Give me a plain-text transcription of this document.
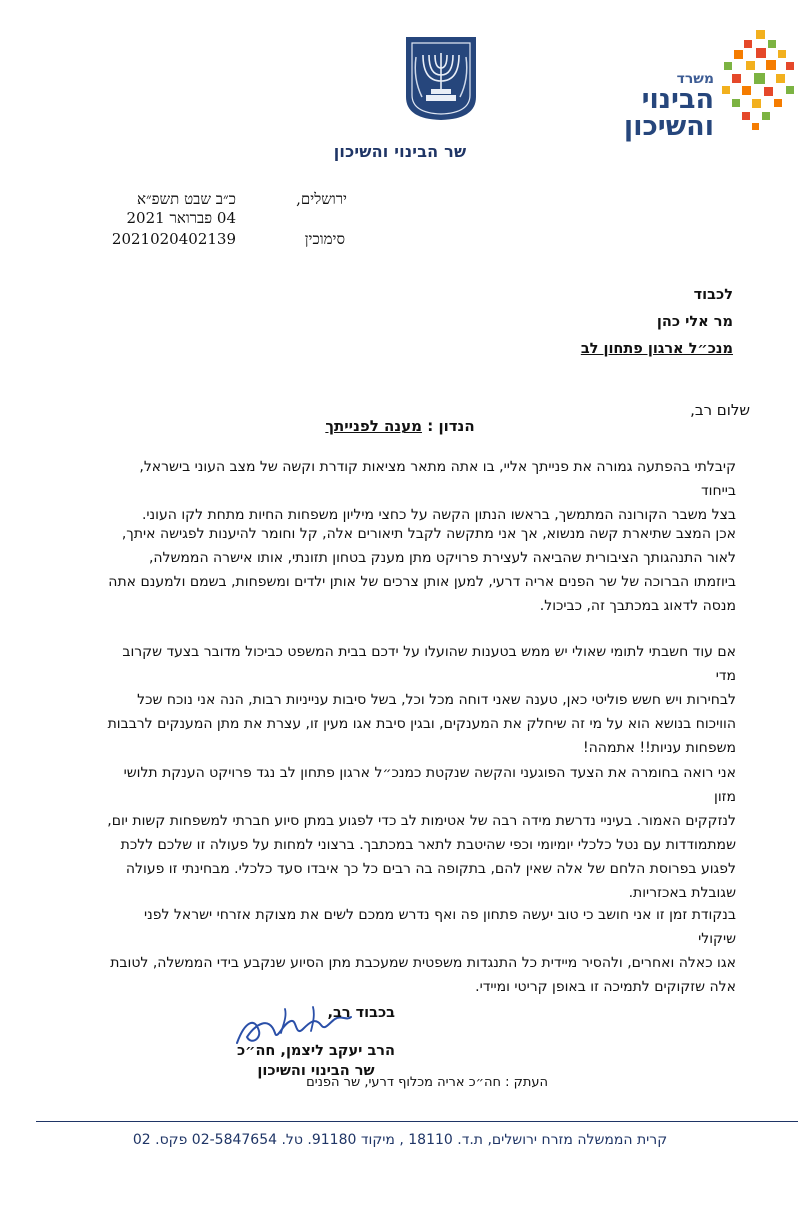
משרד
הבינוי
והשיכון
שר הבינוי והשיכון
ירושלים,
כ״ב שבט תשפ״א
04 פברואר 2021
סימוכין
2021020402139
לכבוד
מר אלי כהן
מנכ״ל ארגון פתחון לב
שלום רב,
הנדון : מענה לפנייתך

קיבלתי בהפתעה גמורה את פנייתך אליי, בו אתה מתאר מציאות קודרת וקשה של מצב העוני בישראל, בייחוד
בצל משבר הקורונה המתמשך, בראשו הנתון הקשה על כחצי מיליון משפחות החיות מתחת לקו העוני.

אכן המצב שתיארת קשה מנשוא, אך אני מתקשה לקבל תיאורים אלה, קל וחומר להיענות לפגישה איתך,
לאור התנהגותך הציבורית שהביאה לעצירת פרויקט מתן מענק בטחון תזונתי, אותו אישרה הממשלה,
ביוזמתו הברוכה של שר הפנים אריה דרעי, למען אותן צרכים של אותן ילדים ומשפחות, בשמם ולמענם אתה
מנסה לדאוג במכתבך זה, כביכול.

אם עוד חשבתי לתומי שאולי יש ממש בטענות שהועלו על ידכם בבית המשפט כביכול מדובר בצעד שקרוב מדי
לבחירות ויש חשש פוליטי כאן, טענה שאני דוחה מכל וכל, בשל סיבות ענייניות רבות, הנה אני נוכח שכל
הוויכוח בנושא הוא על מי זה שיחלק את המענקים, ובגין סיבת אגו מעין זו, עצרת את מתן המענקים לרבבות
משפחות עניות!! אתמהה!

אני רואה בחומרה את הצעד הפוגעני והקשה שנקטת כמנכ״ל ארגון פתחון לב נגד פרויקט הענקת תלושי מזון
לנזקקים האמור. בעיניי נדרשת מידה רבה של אטימות לב כדי לפגוע במתן סיוע חברתי למשפחות קשות יום,
שמתמודדות עם נטל כלכלי יומיומי וכפי שהיטבת לתאר במכתבך. ברצוני למחות על פעולה זו שלכם ללכת
לפגוע בפרוסת הלחם של אלה שאין להם, בתקופה בה רבים כל כך איבדו סעד כלכלי. מבחינתי זו פעולה
שגובלת באכזריות.

בנקודת זמן זו אני חושב כי טוב יעשה פתחון פה ואף נדרש ממכם לשים את מצוקת אזרחי ישראל לפני שיקולי
אגו כאלה ואחרים, ולהסיר מיידית כל התנגדות משפטית שמעכבת מתן הסיוע שנקבע בידי הממשלה, לטובת
אלה שזקוקים לתמיכה זו באופן קריטי ומיידי.

בכבוד רב,
הרב יעקב ליצמן, חה״כ
שר הבינוי והשיכון
העתק : חה״כ אריה מכלוף דרעי, שר הפנים
קרית הממשלה מזרח ירושלים, ת.ד. 18110 , מיקוד 91180. טל. 02-5847654 פקס. 02
